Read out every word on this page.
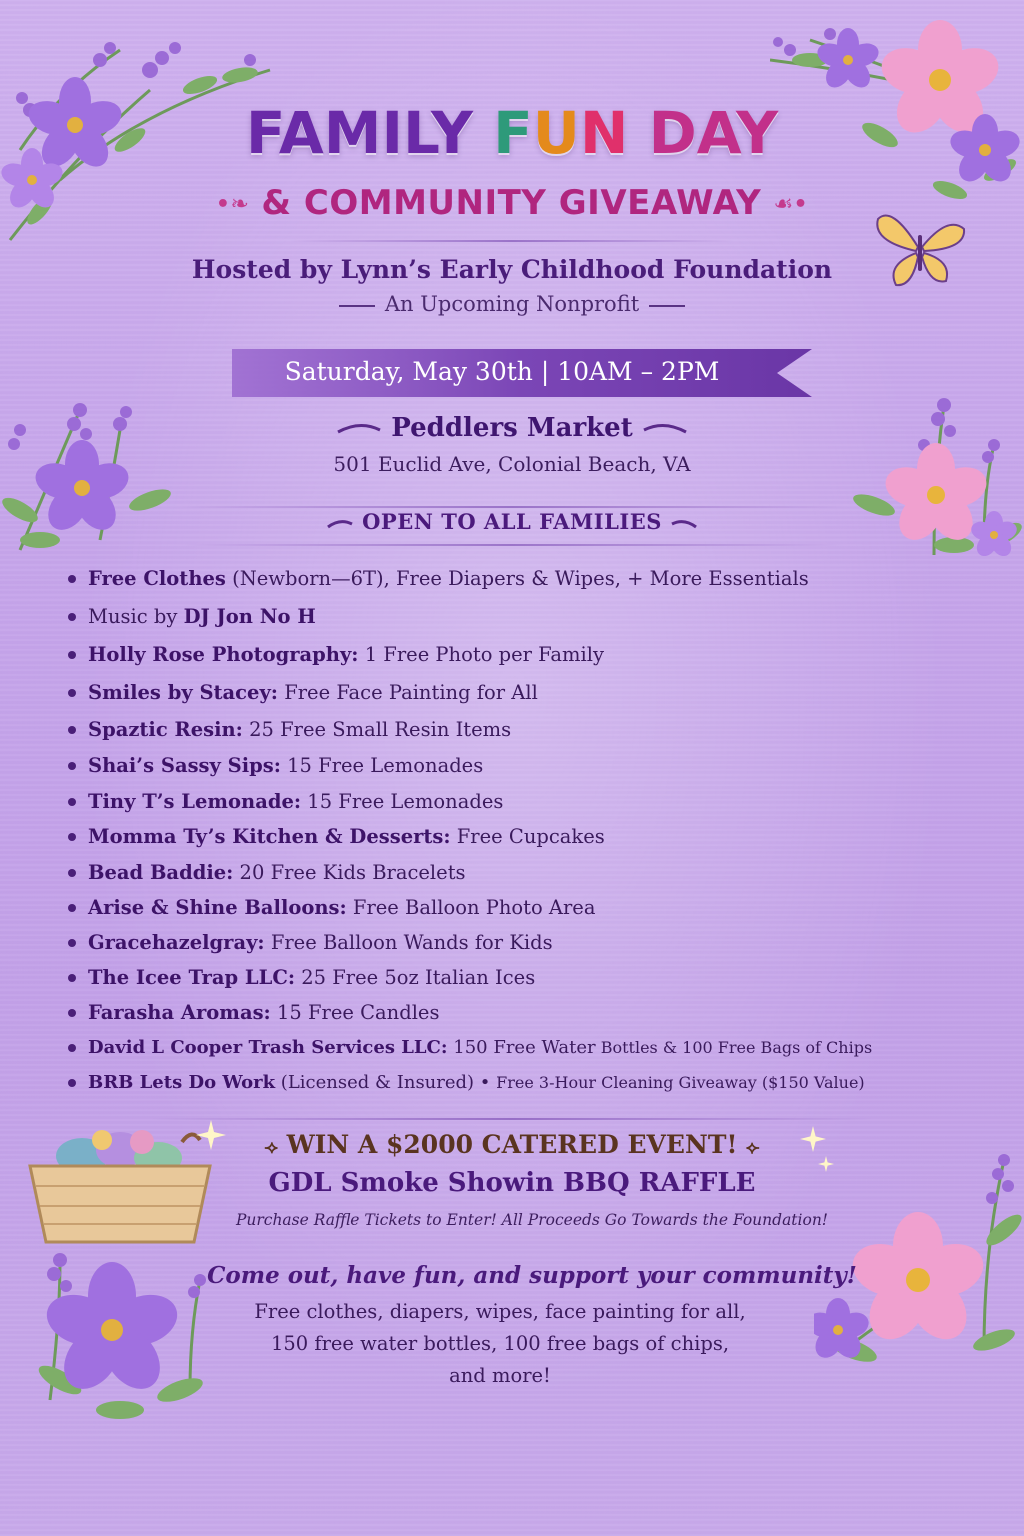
FAMILY FUN DAY
•❧ & COMMUNITY GIVEAWAY ☙•
Hosted by Lynn’s Early Childhood Foundation
An Upcoming Nonprofit
Saturday, May 30th | 10AM – 2PM
Peddlers Market
501 Euclid Ave, Colonial Beach, VA
OPEN TO ALL FAMILIES
Free Clothes (Newborn—6T), Free Diapers & Wipes, + More Essentials
Music by DJ Jon No H
Holly Rose Photography: 1 Free Photo per Family
Smiles by Stacey: Free Face Painting for All
Spaztic Resin: 25 Free Small Resin Items
Shai’s Sassy Sips: 15 Free Lemonades
Tiny T’s Lemonade: 15 Free Lemonades
Momma Ty’s Kitchen & Desserts: Free Cupcakes
Bead Baddie: 20 Free Kids Bracelets
Arise & Shine Balloons: Free Balloon Photo Area
Gracehazelgray: Free Balloon Wands for Kids
The Icee Trap LLC: 25 Free 5oz Italian Ices
Farasha Aromas: 15 Free Candles
David L Cooper Trash Services LLC: 150 Free Water Bottles & 100 Free Bags of Chips
BRB Lets Do Work (Licensed & Insured) • Free 3-Hour Cleaning Giveaway ($150 Value)
⟢ WIN A $2000 CATERED EVENT! ⟣
GDL Smoke Showin BBQ RAFFLE
Purchase Raffle Tickets to Enter! All Proceeds Go Towards the Foundation!
Come out, have fun, and support your community!
Free clothes, diapers, wipes, face painting for all,
150 free water bottles, 100 free bags of chips,
and more!
